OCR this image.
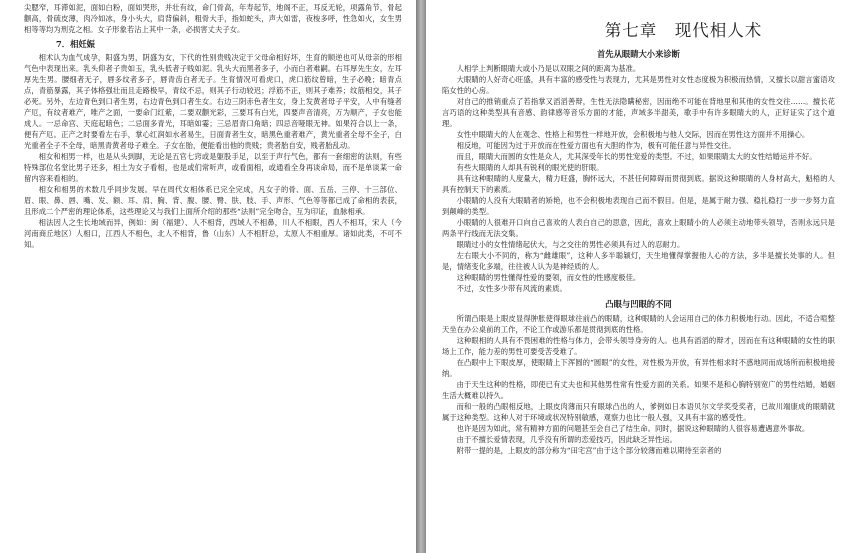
尖腮窄，耳滞如泥，面如白粉，面如哭形，并壮有纹，命门骨高，年寿起节，地阁不正，耳反无轮，项露角节，骨起颧高，骨硫皮薄，肉冷如冰，身小头大，肩背偏斜，粗骨大手，指如蛇头，声大如雷，夜梭多呼，性急如火，女生男相等等均为刑克之相。女子形象若沾上其中一条，必损害丈夫子女。

7．相妊娠

相术认为血气成孕，阳盛为男，阴盛为女，下代的性别贵贱决定于父母命相好坏，生育的顺逆也可从母亲的形相气色中表现出来。乳头仰者子贵如玉，乳头低者子贱如泥。乳头大而黑者多子，小而白者难嗣。右耳厚先生女，左耳厚先生男。腰细者无子，唇多纹者多子，唇青齿白者无子。生育情况可看虎口，虎口筋纹曾暗，生子必晚；暗青点点，青筋暴露，其子体格强壮而且走路极早，青纹不忌，则其子行动较迟；浮筋不正，则其子难养；纹筋相交，其子必死。另外，左边青色到口者生男，右边青色到口者生女。右边三阴赤色者生女，身上发黄者母子平安，人中有缝者产厄，有纹者难产，唯产之面，一要命门红紫，二要双颧光彩，三要耳有白光，四要声音清亮，万为顺产，子女也能成人。一忌命宫、天庭起暗色；二忌面多青光，耳暗如霎；三忌眉青口角暗；四忌音哑眼无神。如果符合以上一条，便有产厄。正产之时要看左右手，掌心红润如水者易生，日面青者生女，暗黑色重者难产，黄光重者全母不全子，白光重者全子不全母，暗黑青黄者母子难全。子女在胎，便能看出他的贵贱；贵者胎自安，贱者胎乱动。

相女和相男一样，也是从头到脚，无论是五官七窍或是躯股手足，以至于声行气色，都有一套细密的法则，有些特殊部位名堂比男子还多，相土为女子看相，也是或们常听声，或看面相，或通看全身再谈命局，而不是单谈某一命留内容来看相的。

相女和相男的术数几乎同步发展。早在周代女相体系已完全完成，凡女子的骨、面、五岳、三停、十三部位、眉、眼、鼻、唇、嘴、发、额、耳、肩、胸、背、腹、腰、臀、肤、肢、手、声形、气色等等都已成了命相的表获，且形成二个严密的理论体系，这些理论又与我们上面所介绍的那些“法则”完全吻合，互为印证，血脉相承。

相法因人之生长地域而异，例如：闽（福建）、人不相背，西域人不相鼻，川人不相眼，西人不相耳，宋人（今河南商丘地区）人相口，江西人不相色，北人不相背，鲁（山东）人不相肝总，太原人不相重厚。诸如此类，不可不知。

第七章　现代相人术
首先从眼睛大小来诊断

人相学上判断眼睛大或小乃是以双眼之间的距离为基准。

大眼睛的人好奇心旺盛，具有丰富的感受性与表现力，尤其是男性对女性态度极为积极而热情，又擅长以甜言蜜语攻陷女性的心房。

对自己的推销重点了若指掌又滔滔善辩，生性无法隐瞒秘密，因而绝不可能在背地里和其他的女性交往……。擅长花言巧语的这种类型具有音感、韵律感等音乐方面的才能，声域多半甜美，歌手中有许多眼睛大的人，正好证实了这个道理。

女性中眼睛大的人在观念、性格上和男性一样地开放，会积极地与他人交际，因而在男性这方面并不用操心。

相反地，可能因为过于开放而在性爱方面也有大胆的作为，极有可能任意与异性交往。

而且，眼睛大而圆的女性是众人，尤其深受年长的男性宠爱的类型。不过，如果眼睛太大的女性结婚运并不好。

有些大眼睛的人却具有锐利的眼光使的肝眼。

具有这种眼睛的人度量大，精力旺盛，胸怀远大，不甚任何障碍而贯彻到底。据说这种眼睛的人身材高大，魁梧的人具有控制天下的素质。

小眼睛的人没有大眼睛者的矫艳，也不会积极地表现自己而不假目。但是，是属于耐力强、稳扎稳打一步一步努力直到颠峰的类型。

小眼睛的人很难开口向自己喜欢的人表白自己的思意，因此，喜欢上眼睛小的人必须主动地带头领导，否则永远只是两条平行线而无法交集。

眼睛过小的女性情绪起伏大，与之交往的男性必须具有过人的忍耐力。

左右眼大小不同的，称为“雌雄眼”，这种人多半聪颖灯，天生地懂得掌握他人心的方法，多半是擅长处事的人。但是，情绪变化多端，往往被人认为是神经质的人。

这种眼睛的男性懂得性爱的要领，而女性的性感度极佳。

不过，女性多少带有风流的素质。

凸眼与凹眼的不同

所谓凸眼是上眼皮显得肿胀使得眼球往前凸的眼睛，这种眼睛的人会运用自己的体力积极地行动。因此，不适合喧整天坐在办公桌前的工作，不论工作或游乐都是贯彻到底的性格。

这种眼相的人具有不畏困难的性格与体力，会带头领导身旁的人。也具有滔滔的辩才，因而在有这种眼睛的女性的职场上工作，能力差的男性可要受苦受难了。

在凸眼中上下眼皮厚，使眼睛上下浑圆的“圆眼”的女性，对性极为开放，有异性相求时不惑地同而成场所而积极地接纳。

由于天生这种的性格，即使已有丈夫也和其他男性常有性爱方面的关系。如果不是和心胸特别宽广的男性结婚，婚姻生活大概难以持久。

而和一般的凸眼相反地，上眼皮肉薄而只有眼球凸出的人，爹例如日本语贝尔文学奖受奖者，已故川端康成的眼睛就属于这种类型。这种人对于环境或状况特别敏感，观察力也比一般人强，又具有丰富的感受性。

也许是因为如此，常有精神方面的问题甚至会自己了结生命。同时，据说这种眼睛的人很容易遭遇意外事故。

由于不擅长爱情表现，几乎没有所谓的恋爱技巧，因此缺乏异性运。

附带一提的是，上眼皮的部分称为“田宅宫”由于这个部分较薄而难以期待至亲者的
